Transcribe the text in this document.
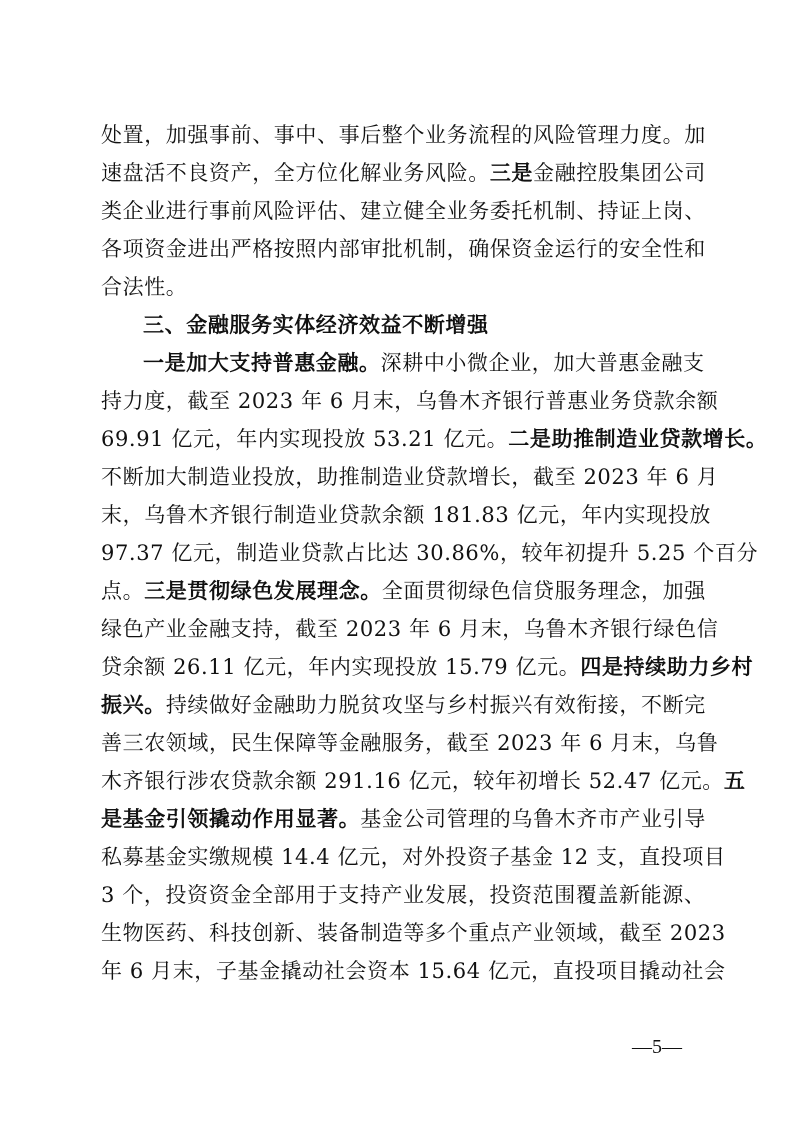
处置，加强事前、事中、事后整个业务流程的风险管理力度。加
速盘活不良资产，全方位化解业务风险。三是金融控股集团公司
类企业进行事前风险评估、建立健全业务委托机制、持证上岗、
各项资金进出严格按照内部审批机制，确保资金运行的安全性和
合法性。
三、金融服务实体经济效益不断增强
一是加大支持普惠金融。深耕中小微企业，加大普惠金融支
持力度，截至 2023 年 6 月末，乌鲁木齐银行普惠业务贷款余额
69.91 亿元，年内实现投放 53.21 亿元。二是助推制造业贷款增长。
不断加大制造业投放，助推制造业贷款增长，截至 2023 年 6 月
末，乌鲁木齐银行制造业贷款余额 181.83 亿元，年内实现投放
97.37 亿元，制造业贷款占比达 30.86%，较年初提升 5.25 个百分
点。三是贯彻绿色发展理念。全面贯彻绿色信贷服务理念，加强
绿色产业金融支持，截至 2023 年 6 月末，乌鲁木齐银行绿色信
贷余额 26.11 亿元，年内实现投放 15.79 亿元。四是持续助力乡村
振兴。持续做好金融助力脱贫攻坚与乡村振兴有效衔接，不断完
善三农领域，民生保障等金融服务，截至 2023 年 6 月末，乌鲁
木齐银行涉农贷款余额 291.16 亿元，较年初增长 52.47 亿元。五
是基金引领撬动作用显著。基金公司管理的乌鲁木齐市产业引导
私募基金实缴规模 14.4 亿元，对外投资子基金 12 支，直投项目
3 个，投资资金全部用于支持产业发展，投资范围覆盖新能源、
生物医药、科技创新、装备制造等多个重点产业领域，截至 2023
年 6 月末，子基金撬动社会资本 15.64 亿元，直投项目撬动社会
—5—
